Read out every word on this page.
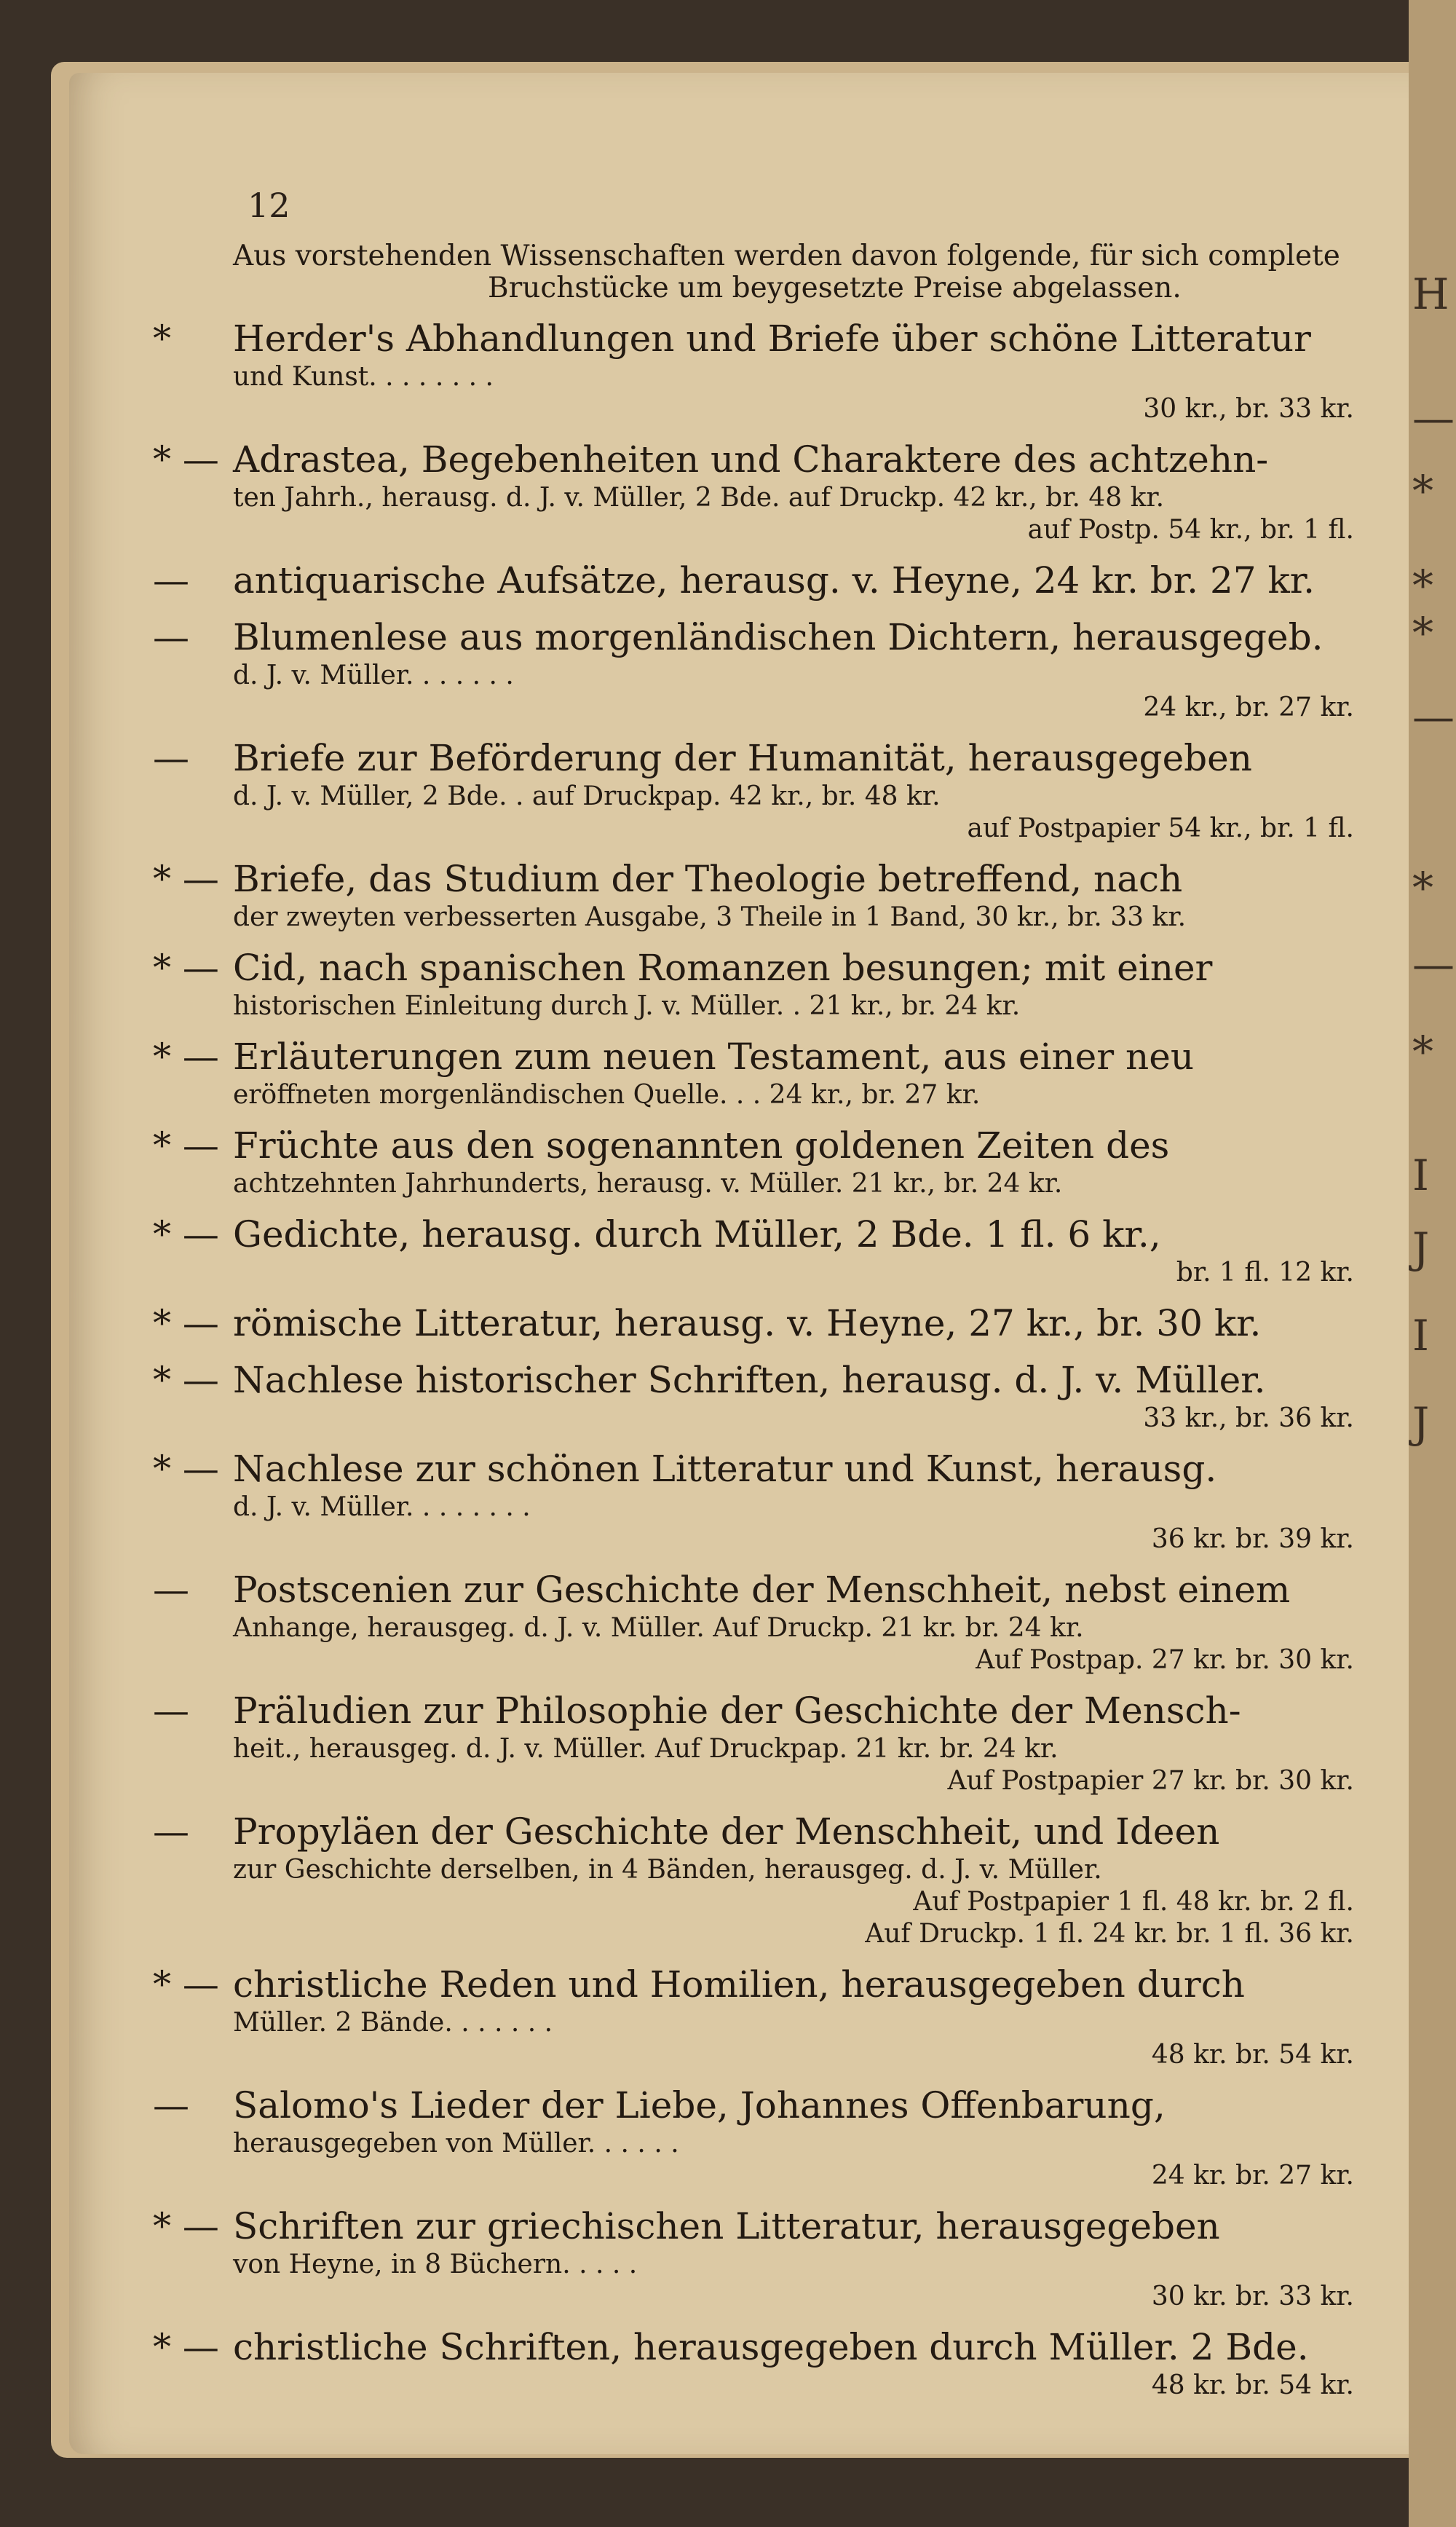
H
—
*
*
*
—
*
—
*
I
J
I
J
12
Aus vorstehenden Wissenschaften werden davon folgende, für sich complete
Bruchstücke um beygesetzte Preise abgelassen.
*	Herder's Abhandlungen und Briefe über schöne Litteratur
und Kunst. . . . . . . .
30 kr., br. 33 kr.
* — Adrastea, Begebenheiten und Charaktere des achtzehn-
ten Jahrh., herausg. d. J. v. Müller, 2 Bde. auf Druckp. 42 kr., br. 48 kr.
auf Postp. 54 kr., br. 1 fl.
—	antiquarische Aufsätze, herausg. v. Heyne, 24 kr. br. 27 kr.
—	Blumenlese aus morgenländischen Dichtern, herausgegeb.
d. J. v. Müller. . . . . . .
24 kr., br. 27 kr.
—	Briefe zur Beförderung der Humanität, herausgegeben
d. J. v. Müller, 2 Bde. . auf Druckpap. 42 kr., br. 48 kr.
auf Postpapier 54 kr., br. 1 fl.
* — Briefe, das Studium der Theologie betreffend, nach
der zweyten verbesserten Ausgabe, 3 Theile in 1 Band, 30 kr., br. 33 kr.
* — Cid, nach spanischen Romanzen besungen; mit einer
historischen Einleitung durch J. v. Müller. . 21 kr., br. 24 kr.
* — Erläuterungen zum neuen Testament, aus einer neu
eröffneten morgenländischen Quelle. . . 24 kr., br. 27 kr.
* — Früchte aus den sogenannten goldenen Zeiten des
achtzehnten Jahrhunderts, herausg. v. Müller. 21 kr., br. 24 kr.
* — Gedichte, herausg. durch Müller, 2 Bde. 1 fl. 6 kr.,
br. 1 fl. 12 kr.
* — römische Litteratur, herausg. v. Heyne, 27 kr., br. 30 kr.
* — Nachlese historischer Schriften, herausg. d. J. v. Müller.
33 kr., br. 36 kr.
* — Nachlese zur schönen Litteratur und Kunst, herausg.
d. J. v. Müller. . . . . . . .
36 kr. br. 39 kr.
—	Postscenien zur Geschichte der Menschheit, nebst einem
Anhange, herausgeg. d. J. v. Müller. Auf Druckp. 21 kr. br. 24 kr.
Auf Postpap. 27 kr. br. 30 kr.
—	Präludien zur Philosophie der Geschichte der Mensch-
heit., herausgeg. d. J. v. Müller. Auf Druckpap. 21 kr. br. 24 kr.
Auf Postpapier 27 kr. br. 30 kr.
—	Propyläen der Geschichte der Menschheit, und Ideen
zur Geschichte derselben, in 4 Bänden, herausgeg. d. J. v. Müller.
Auf Postpapier 1 fl. 48 kr. br. 2 fl.
Auf Druckp. 1 fl. 24 kr. br. 1 fl. 36 kr.
* — christliche Reden und Homilien, herausgegeben durch
Müller. 2 Bände. . . . . . .
48 kr. br. 54 kr.
—	Salomo's Lieder der Liebe, Johannes Offenbarung,
herausgegeben von Müller. . . . . .
24 kr. br. 27 kr.
* — Schriften zur griechischen Litteratur, herausgegeben
von Heyne, in 8 Büchern. . . . .
30 kr. br. 33 kr.
* — christliche Schriften, herausgegeben durch Müller. 2 Bde.
48 kr. br. 54 kr.
